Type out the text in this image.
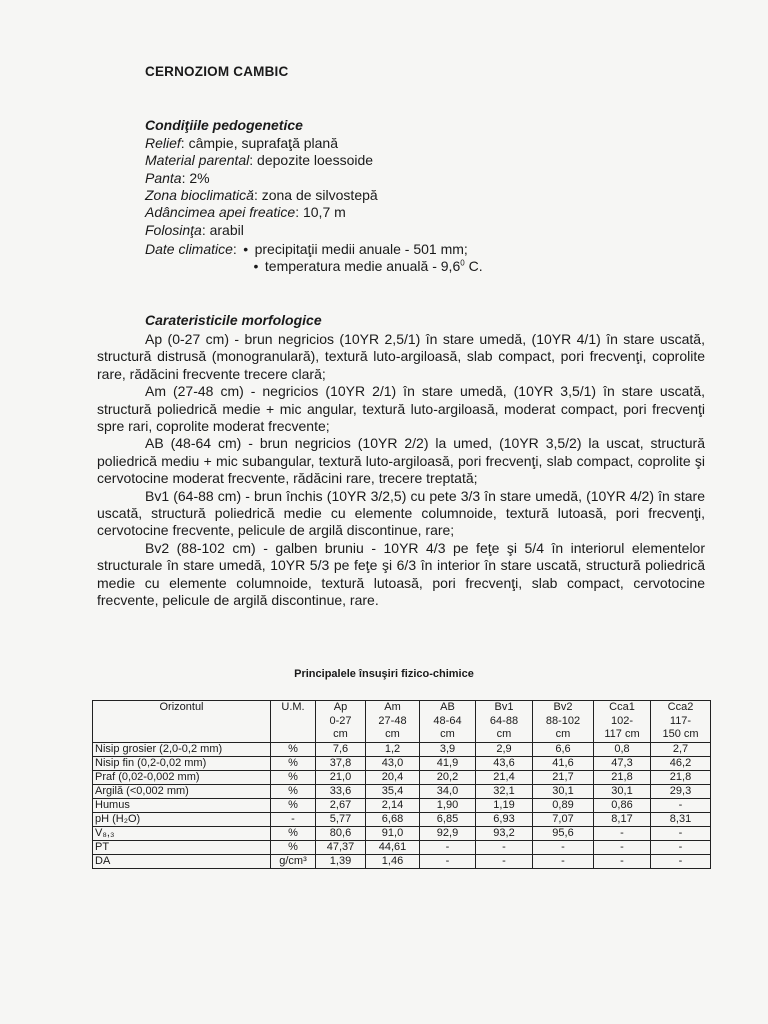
CERNOZIOM CAMBIC
Condiţiile pedogenetice
Relief: câmpie, suprafaţă plană
Material parental: depozite loessoide
Panta: 2%
Zona bioclimatică: zona de silvostepă
Adâncimea apei freatice: 10,7 m
Folosinţa: arabil
Date climatice: • precipitaţii medii anuale - 501 mm;
• temperatura medie anuală - $9,6^0$ C.
Carateristicile morfologice

Ap (0-27 cm) - brun negricios (10YR 2,5/1) în stare umedă, (10YR 4/1) în stare uscată, structură distrusă (monogranulară), textură luto-argiloasă, slab compact, pori frecvenţi, coprolite rare, rădăcini frecvente trecere clară;

Am (27-48 cm) - negricios (10YR 2/1) în stare umedă, (10YR 3,5/1) în stare uscată, structură poliedrică medie + mic angular, textură luto-argiloasă, moderat compact, pori frecvenţi spre rari, coprolite moderat frecvente;

AB (48-64 cm) - brun negricios (10YR 2/2) la umed, (10YR 3,5/2) la uscat, structură poliedrică mediu + mic subangular, textură luto-argiloasă, pori frecvenţi, slab compact, coprolite şi cervotocine moderat frecvente, rădăcini rare, trecere treptată;

Bv1 (64-88 cm) - brun închis (10YR 3/2,5) cu pete 3/3 în stare umedă, (10YR 4/2) în stare uscată, structură poliedrică medie cu elemente columnoide, textură lutoasă, pori frecvenţi, cervotocine frecvente, pelicule de argilă discontinue, rare;

Bv2 (88-102 cm) - galben bruniu - 10YR 4/3 pe feţe şi 5/4 în interiorul elementelor structurale în stare umedă, 10YR 5/3 pe feţe şi 6/3 în interior în stare uscată, structură poliedrică medie cu elemente columnoide, textură lutoasă, pori frecvenţi, slab compact, cervotocine frecvente, pelicule de argilă discontinue, rare.

Principalele însuşiri fizico-chimice
Orizontul	U.M.	Ap
0-27
cm	Am
27-48
cm	AB
48-64
cm	Bv1
64-88
cm	Bv2
88-102
cm	Cca1
102-
117 cm	Cca2
117-
150 cm

Nisip grosier (2,0-0,2 mm)	%	7,6	1,2	3,9	2,9	6,6	0,8	2,7
Nisip fin (0,2-0,02 mm)	%	37,8	43,0	41,9	43,6	41,6	47,3	46,2
Praf (0,02-0,002 mm)	%	21,0	20,4	20,2	21,4	21,7	21,8	21,8
Argilă (<0,002 mm)	%	33,6	35,4	34,0	32,1	30,1	30,1	29,3
Humus	%	2,67	2,14	1,90	1,19	0,89	0,86	-
pH (H₂O)	-	5,77	6,68	6,85	6,93	7,07	8,17	8,31
V₈,₃	%	80,6	91,0	92,9	93,2	95,6	-	-
PT	%	47,37	44,61	-	-	-	-	-
DA	g/cm³	1,39	1,46	-	-	-	-	-
